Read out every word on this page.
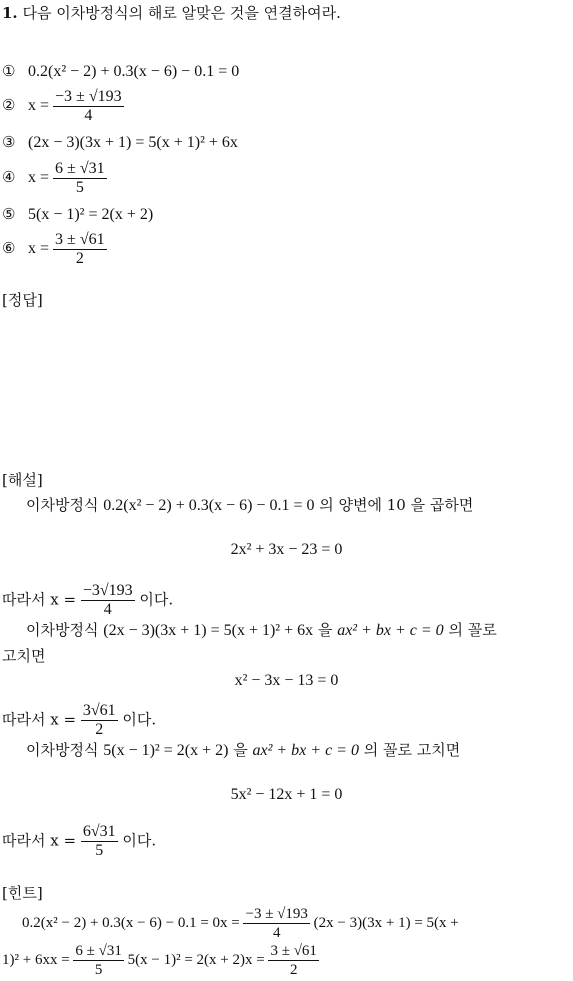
1. 다음 이차방정식의 해로 알맞은 것을 연결하여라.
① 0.2(x² − 2) + 0.3(x − 6) − 0.1 = 0
② $x = \frac{-3 \pm √193}{4}$
③ (2x − 3)(3x + 1) = 5(x + 1)² + 6x
④ $x = \frac{6 \pm √31}{5}$
⑤ 5(x − 1)² = 2(x + 2)
⑥ $x = \frac{3 \pm √61}{2}$
[정답]
[해설]
이차방정식 0.2(x² − 2) + 0.3(x − 6) − 0.1 = 0 의 양변에 10 을 곱하면
2x² + 3x − 23 = 0
따라서 $x = \frac{-3√193}{4}$ 이다.
이차방정식 (2x − 3)(3x + 1) = 5(x + 1)² + 6x 을 ax² + bx + c = 0 의 꼴로
고치면
x² − 3x − 13 = 0
따라서 $x = \frac{3√61}{2}$ 이다.
이차방정식 5(x − 1)² = 2(x + 2) 을 ax² + bx + c = 0 의 꼴로 고치면
5x² − 12x + 1 = 0
따라서 $x = \frac{6√31}{5}$ 이다.
[힌트]
$0.2(x^2 - 2) + 0.3(x - 6) - 0.1 = 0x = \frac{-3 \pm √193}{4} (2x - 3)(3x + 1) = 5(x$ +
$1)^2 + 6xx = \frac{6 \pm √31}{5} 5(x - 1)^2 = 2(x + 2)x = \frac{3 \pm √61}{2}$
